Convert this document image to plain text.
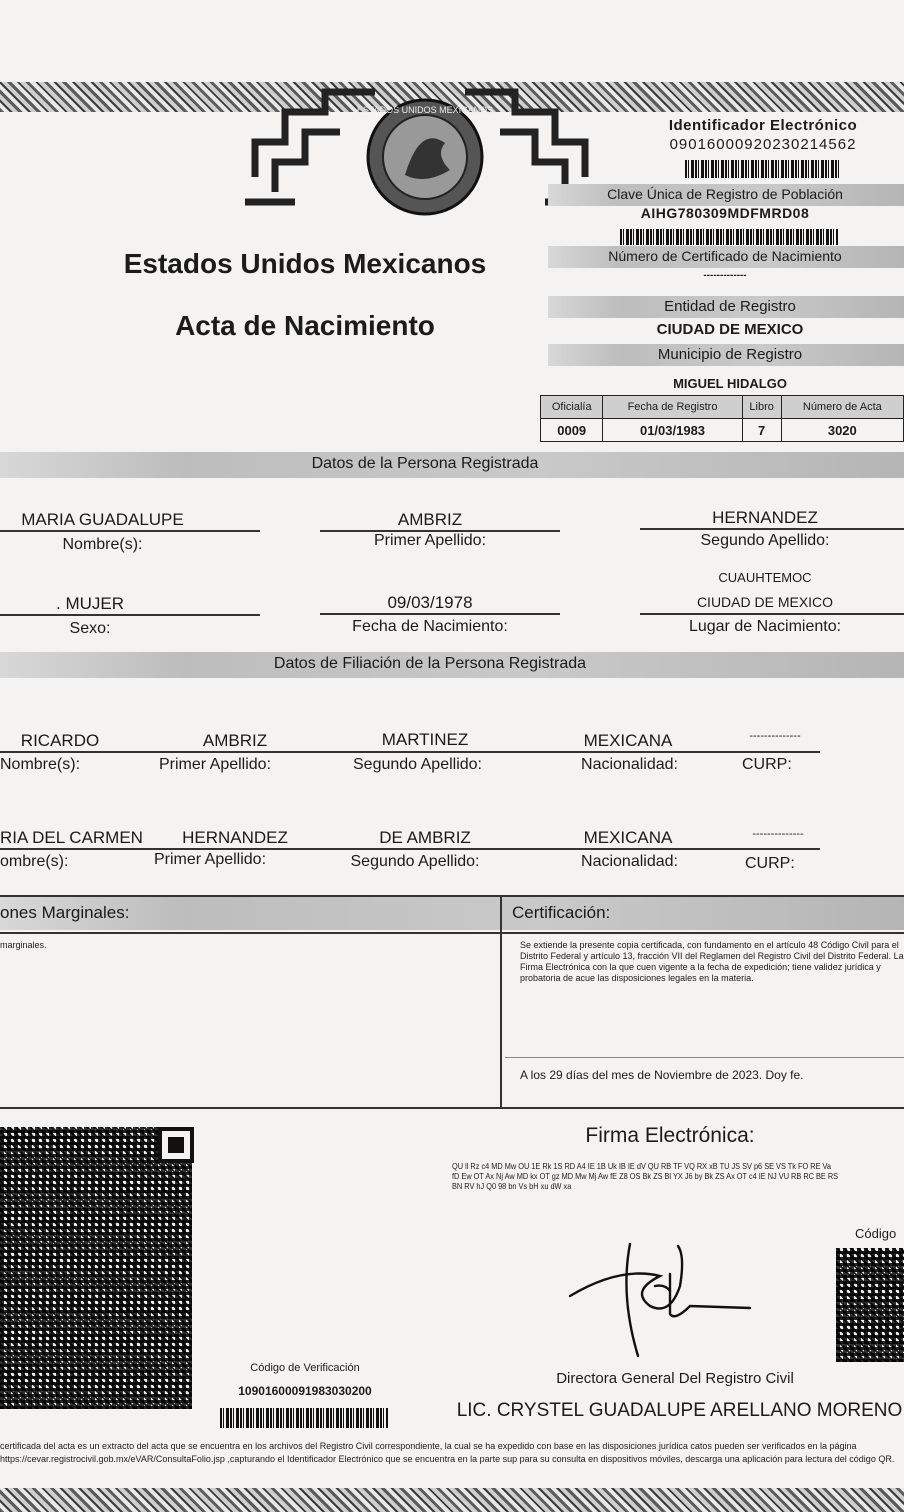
ESTADOS UNIDOS MEXICANOS
Identificador Electrónico
09016000920230214562
Clave Única de Registro de Población
AIHG780309MDFMRD08
Número de Certificado de Nacimiento
-------------
Estados Unidos Mexicanos
Acta de Nacimiento
Entidad de Registro
CIUDAD DE MEXICO
Municipio de Registro
MIGUEL HIDALGO
Oficialía	Fecha de Registro	Libro	Número de Acta
0009	01/03/1983	7	3020
Datos de la Persona Registrada
MARIA GUADALUPE
Nombre(s):
AMBRIZ
Primer Apellido:
HERNANDEZ
Segundo Apellido:
. MUJER
Sexo:
09/03/1978
Fecha de Nacimiento:
CUAUHTEMOC
CIUDAD DE MEXICO
Lugar de Nacimiento:
Datos de Filiación de la Persona Registrada
RICARDO	AMBRIZ	MARTINEZ	MEXICANA	--------------
Nombre(s):	Primer Apellido:	Segundo Apellido:	Nacionalidad:	CURP:
RIA DEL CARMEN	HERNANDEZ	DE AMBRIZ	MEXICANA	--------------
ombre(s):	Primer Apellido:	Segundo Apellido:	Nacionalidad:	CURP:
ones Marginales:
marginales.
Certificación:
Se extiende la presente copia certificada, con fundamento en el artículo 48 Código Civil para el Distrito Federal y artículo 13, fracción VII del Reglamen del Registro Civil del Distrito Federal. La Firma Electrónica con la que cuen vigente a la fecha de expedición; tiene validez jurídica y probatoria de acue las disposiciones legales en la materia.
A los 29 días del mes de Noviembre de 2023. Doy fe.
Código de Verificación
10901600091983030200
Firma Electrónica:
QU ll Rz c4 MD Mw OU 1E Rk 1S RD A4 IE 1B Uk IB IE dV QU RB TF VQ RX xB TU JS SV p6 SE VS Tk FO RE Va fD Ew OT Ax Nj Aw MD kx OT gz MD Mw Mj Aw fE Z8 OS Bk ZS Bl YX J6 by Bk ZS Ax OT c4 IE NJ VU RB RC BE RS BN RV hJ Q0 98 bn Vs bH xu dW xa
Código
Directora General Del Registro Civil
LIC. CRYSTEL GUADALUPE ARELLANO MORENO
certificada del acta es un extracto del acta que se encuentra en los archivos del Registro Civil correspondiente, la cual se ha expedido con base en las disposiciones jurídica catos pueden ser verificados en la página https://cevar.registrocivil.gob.mx/eVAR/ConsultaFolio.jsp ,capturando el Identificador Electrónico que se encuentra en la parte sup para su consulta en dispositivos móviles, descarga una aplicación para lectura del código QR.
